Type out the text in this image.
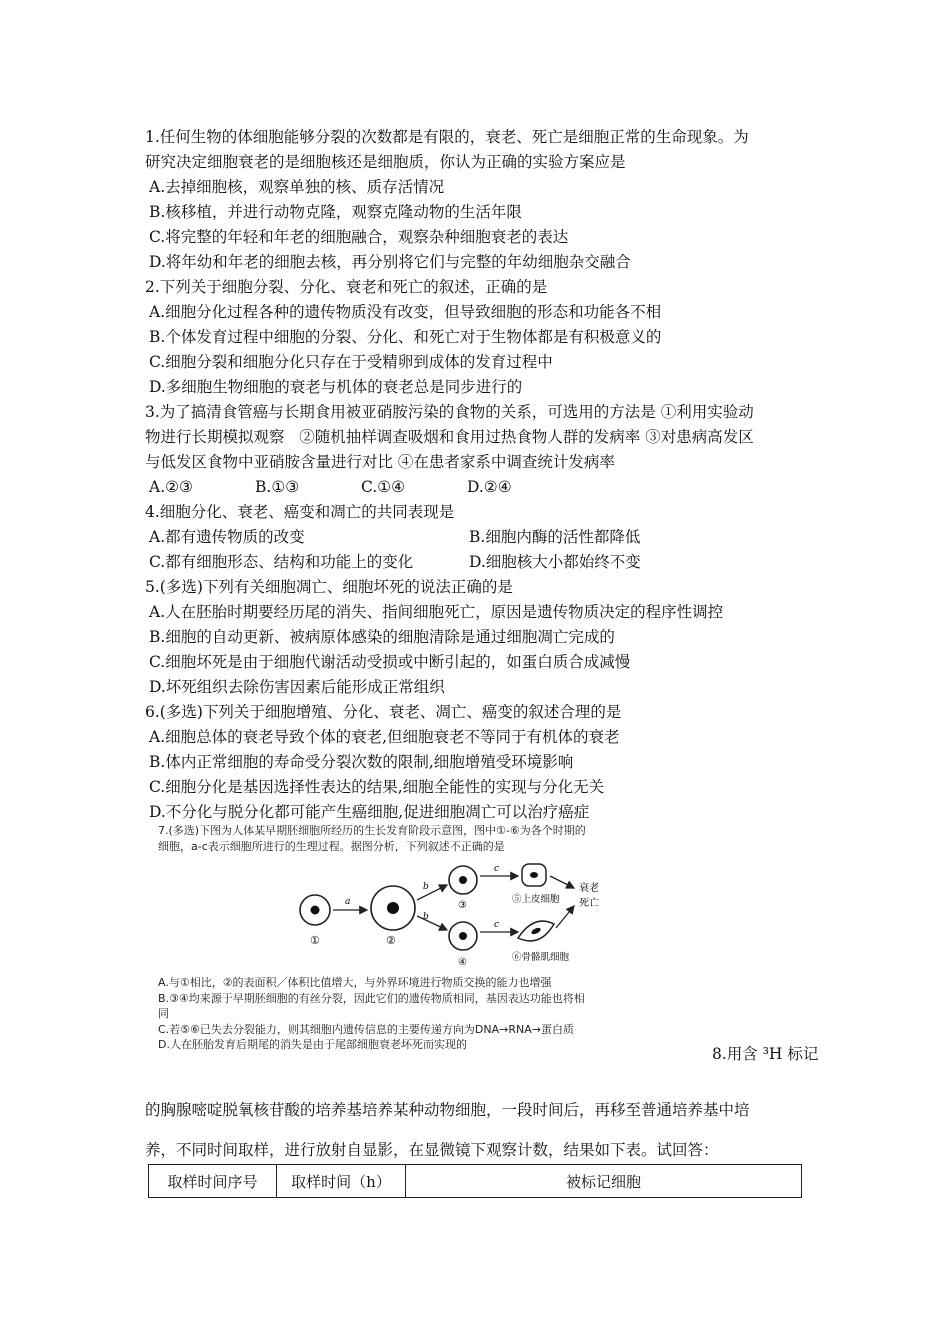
1.任何生物的体细胞能够分裂的次数都是有限的，衰老、死亡是细胞正常的生命现象。为

研究决定细胞衰老的是细胞核还是细胞质，你认为正确的实验方案应是

A.去掉细胞核，观察单独的核、质存活情况

B.核移植，并进行动物克隆，观察克隆动物的生活年限

C.将完整的年轻和年老的细胞融合，观察杂种细胞衰老的表达

D.将年幼和年老的细胞去核，再分别将它们与完整的年幼细胞杂交融合

2.下列关于细胞分裂、分化、衰老和死亡的叙述，正确的是

A.细胞分化过程各种的遗传物质没有改变，但导致细胞的形态和功能各不相

B.个体发育过程中细胞的分裂、分化、和死亡对于生物体都是有积极意义的

C.细胞分裂和细胞分化只存在于受精卵到成体的发育过程中

D.多细胞生物细胞的衰老与机体的衰老总是同步进行的

3.为了搞清食管癌与长期食用被亚硝胺污染的食物的关系，可选用的方法是 ①利用实验动

物进行长期模拟观察   ②随机抽样调查吸烟和食用过热食物人群的发病率 ③对患病高发区

与低发区食物中亚硝胺含量进行对比 ④在患者家系中调查统计发病率

A.②③	B.①③	C.①④	D.②④

4.细胞分化、衰老、癌变和凋亡的共同表现是

A.都有遗传物质的改变	B.细胞内酶的活性都降低

C.都有细胞形态、结构和功能上的变化	D.细胞核大小都始终不变

5.(多选)下列有关细胞凋亡、细胞坏死的说法正确的是

A.人在胚胎时期要经历尾的消失、指间细胞死亡，原因是遗传物质决定的程序性调控

B.细胞的自动更新、被病原体感染的细胞清除是通过细胞凋亡完成的

C.细胞坏死是由于细胞代谢活动受损或中断引起的，如蛋白质合成减慢

D.坏死组织去除伤害因素后能形成正常组织

6.(多选)下列关于细胞增殖、分化、衰老、凋亡、癌变的叙述合理的是

A.细胞总体的衰老导致个体的衰老,但细胞衰老不等同于有机体的衰老

B.体内正常细胞的寿命受分裂次数的限制,细胞增殖受环境影响

C.细胞分化是基因选择性表达的结果,细胞全能性的实现与分化无关

D.不分化与脱分化都可能产生癌细胞,促进细胞凋亡可以治疗癌症

7.(多选)下图为人体某早期胚细胞所经历的生长发育阶段示意图，图中①-⑥为各个时期的
细胞，a-c表示细胞所进行的生理过程。据图分析，下列叙述不正确的是
①
a
②
b
b
③
④
c
c
⑤上皮细胞
⑥骨骼肌细胞
衰老
死亡
A.与①相比，②的表面积／体积比值增大，与外界环境进行物质交换的能力也增强
B.③④均来源于早期胚细胞的有丝分裂，因此它们的遗传物质相同，基因表达功能也将相
同
C.若⑤⑥已失去分裂能力，则其细胞内遗传信息的主要传递方向为DNA→RNA→蛋白质
D.人在胚胎发育后期尾的消失是由于尾部细胞衰老坏死而实现的

8.用含 ³H 标记

的胸腺嘧啶脱氧核苷酸的培养基培养某种动物细胞，一段时间后，再移至普通培养基中培

养，不同时间取样，进行放射自显影，在显微镜下观察计数，结果如下表。试回答：

取样时间序号	取样时间（h）	被标记细胞
